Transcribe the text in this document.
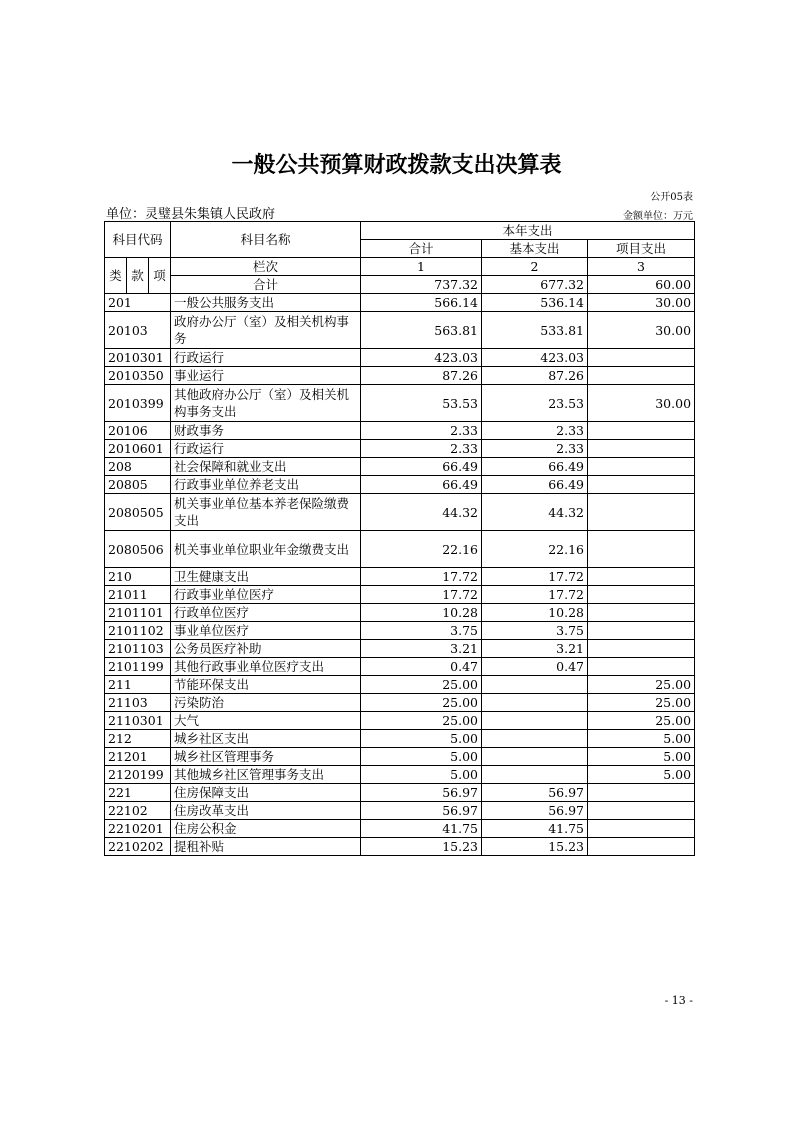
一般公共预算财政拨款支出决算表
公开05表
单位：灵璧县朱集镇人民政府	金额单位：万元
科目代码			科目名称	本年支出		
				合计	基本支出	项目支出
类	款	项	栏次	1	2	3
			合计	737.32	677.32	60.00
201			一般公共服务支出	566.14	536.14	30.00
20103			政府办公厅（室）及相关机构事务	563.81	533.81	30.00
2010301			行政运行	423.03	423.03	
2010350			事业运行	87.26	87.26	
2010399			其他政府办公厅（室）及相关机构事务支出	53.53	23.53	30.00
20106			财政事务	2.33	2.33	
2010601			行政运行	2.33	2.33	
208			社会保障和就业支出	66.49	66.49	
20805			行政事业单位养老支出	66.49	66.49	
2080505			机关事业单位基本养老保险缴费支出	44.32	44.32	
2080506			机关事业单位职业年金缴费支出	22.16	22.16	
210			卫生健康支出	17.72	17.72	
21011			行政事业单位医疗	17.72	17.72	
2101101			行政单位医疗	10.28	10.28	
2101102			事业单位医疗	3.75	3.75	
2101103			公务员医疗补助	3.21	3.21	
2101199			其他行政事业单位医疗支出	0.47	0.47	
211			节能环保支出	25.00		25.00
21103			污染防治	25.00		25.00
2110301			大气	25.00		25.00
212			城乡社区支出	5.00		5.00
21201			城乡社区管理事务	5.00		5.00
2120199			其他城乡社区管理事务支出	5.00		5.00
221			住房保障支出	56.97	56.97	
22102			住房改革支出	56.97	56.97	
2210201			住房公积金	41.75	41.75	
2210202			提租补贴	15.23	15.23	
- 13 -
